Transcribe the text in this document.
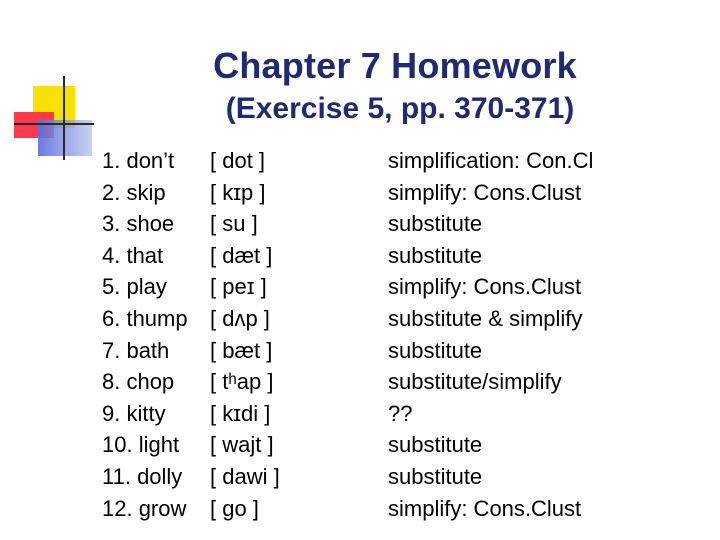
Chapter 7 Homework
(Exercise 5, pp. 370-371)
1. don’t
2. skip
3. shoe
4. that
5. play
6. thump
7. bath
8. chop
9. kitty
10. light
11. dolly
12. grow
[ dot ]
[ kɪp ]
[ su ]
[ dæt ]
[ peɪ ]
[ dʌp ]
[ bæt ]
[ tʰap ]
[ kɪdi ]
[ wajt ]
[ dawi ]
[ go ]
simplification: Con.Cl
simplify: Cons.Clust
substitute
substitute
simplify: Cons.Clust
substitute & simplify
substitute
substitute/simplify
??
substitute
substitute
simplify: Cons.Clust
